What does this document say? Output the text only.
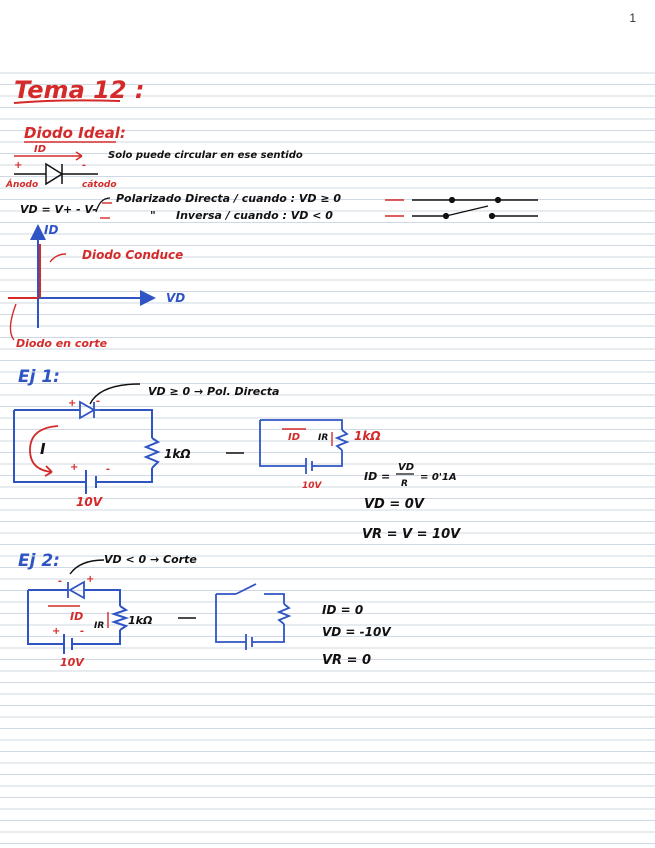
1
Tema 12 :
Diodo Ideal:
ID
Solo puede circular en ese sentido
+	-
Ánodo	cátodo
VD = V+ - V-
Polarizado Directa / cuando : VD ≥ 0
" Inversa / cuando : VD < 0
ID
VD
Diodo Conduce
Diodo en corte
Ej 1:
VD ≥ 0 → Pol. Directa
+ -
I
+	-
1kΩ
10V
ID IR 1kΩ
10V
ID =
VD
R
= 0'1A
VD = 0V
VR = V = 10V
Ej 2:	VD < 0 → Corte
- +
ID
IR 1kΩ
+ -
10V
ID = 0
VD = -10V
VR = 0
